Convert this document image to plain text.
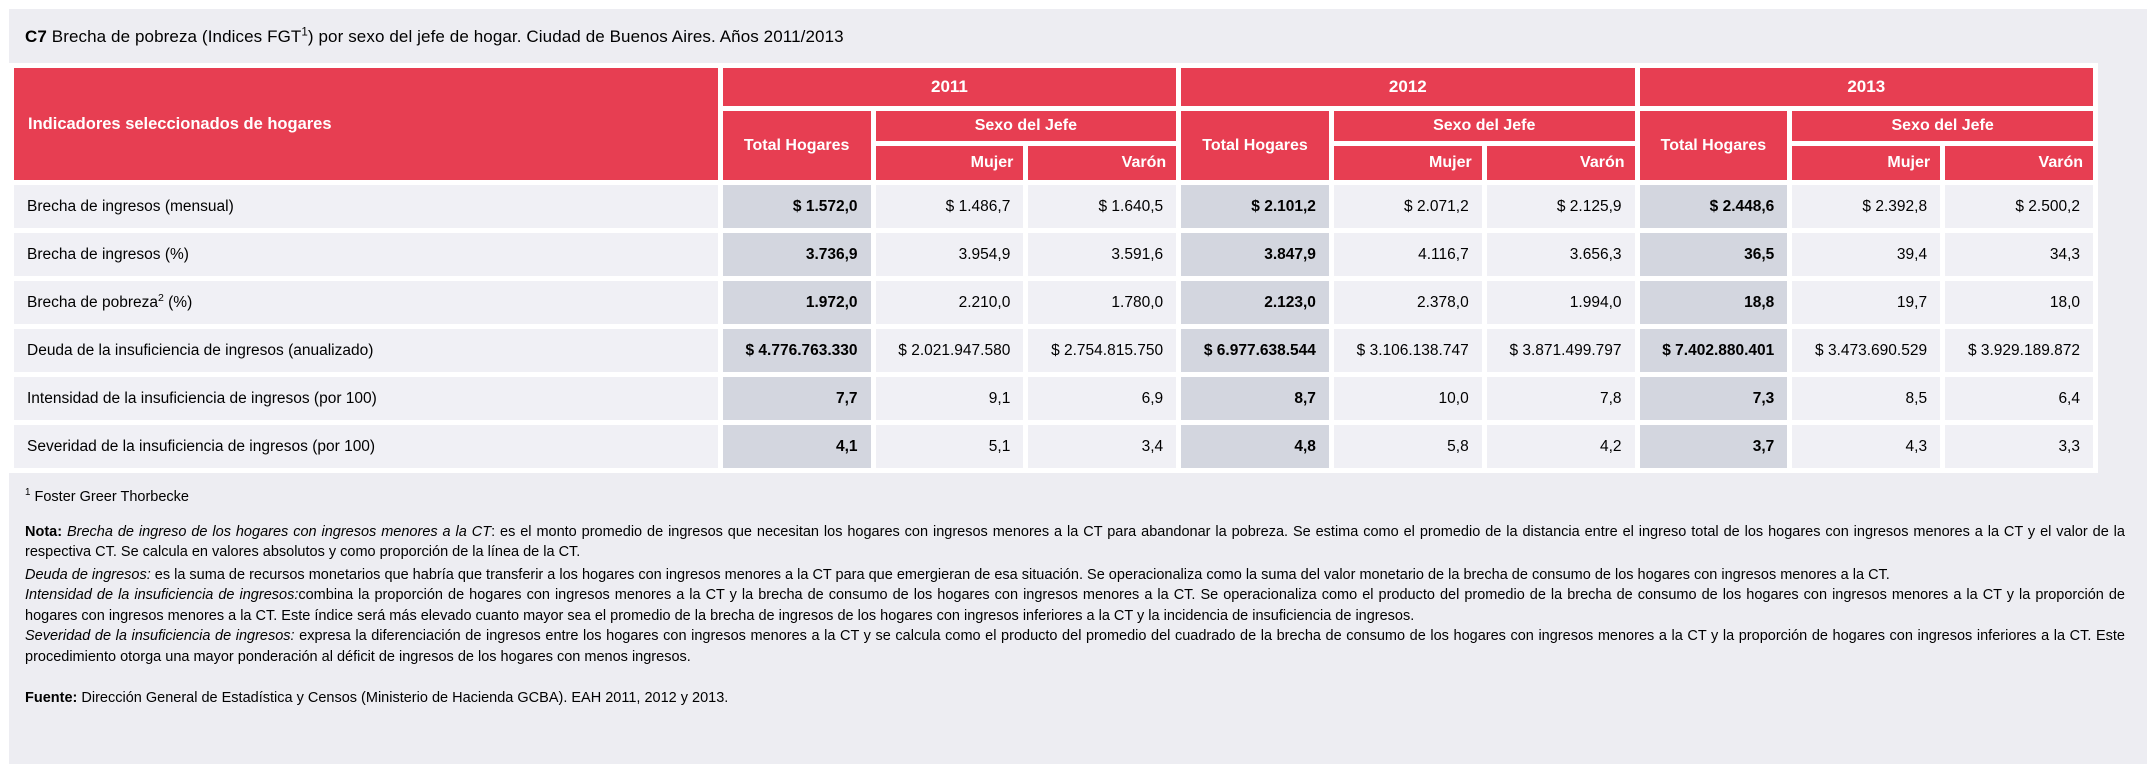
C7 Brecha de pobreza (Indices FGT$^1$) por sexo del jefe de hogar. Ciudad de Buenos Aires. Años 2011/2013
Indicadores seleccionados de hogares	2011			2012			2013		
	Total Hogares	Sexo del Jefe		Total Hogares	Sexo del Jefe		Total Hogares	Sexo del Jefe	
		Mujer	Varón		Mujer	Varón		Mujer	Varón
Brecha de ingresos (mensual)	$ 1.572,0	$ 1.486,7	$ 1.640,5	$ 2.101,2	$ 2.071,2	$ 2.125,9	$ 2.448,6	$ 2.392,8	$ 2.500,2
Brecha de ingresos (%)	3.736,9	3.954,9	3.591,6	3.847,9	4.116,7	3.656,3	36,5	39,4	34,3
Brecha de pobreza$^2$ (%)	1.972,0	2.210,0	1.780,0	2.123,0	2.378,0	1.994,0	18,8	19,7	18,0
Deuda de la insuficiencia de ingresos (anualizado)	$ 4.776.763.330	$ 2.021.947.580	$ 2.754.815.750	$ 6.977.638.544	$ 3.106.138.747	$ 3.871.499.797	$ 7.402.880.401	$ 3.473.690.529	$ 3.929.189.872
Intensidad de la insuficiencia de ingresos (por 100)	7,7	9,1	6,9	8,7	10,0	7,8	7,3	8,5	6,4
Severidad de la insuficiencia de ingresos (por 100)	4,1	5,1	3,4	4,8	5,8	4,2	3,7	4,3	3,3
$^1$ Foster Greer Thorbecke

Nota: Brecha de ingreso de los hogares con ingresos menores a la CT: es el monto promedio de ingresos que necesitan los hogares con ingresos menores a la CT para abandonar la pobreza. Se estima como el promedio de la distancia entre el ingreso total de los hogares con ingresos menores a la CT y el valor de la respectiva CT. Se calcula en valores absolutos y como proporción de la línea de la CT.

Deuda de ingresos: es la suma de recursos monetarios que habría que transferir a los hogares con ingresos menores a la CT para que emergieran de esa situación. Se operacionaliza como la suma del valor monetario de la brecha de consumo de los hogares con ingresos menores a la CT.

Intensidad de la insuficiencia de ingresos:combina la proporción de hogares con ingresos menores a la CT y la brecha de consumo de los hogares con ingresos menores a la CT. Se operacionaliza como el producto del promedio de la brecha de consumo de los hogares con ingresos menores a la CT y la proporción de hogares con ingresos menores a la CT. Este índice será más elevado cuanto mayor sea el promedio de la brecha de ingresos de los hogares con ingresos inferiores a la CT y la incidencia de insuficiencia de ingresos.

Severidad de la insuficiencia de ingresos: expresa la diferenciación de ingresos entre los hogares con ingresos menores a la CT y se calcula como el producto del promedio del cuadrado de la brecha de consumo de los hogares con ingresos menores a la CT y la proporción de hogares con ingresos inferiores a la CT. Este procedimiento otorga una mayor ponderación al déficit de ingresos de los hogares con menos ingresos.

Fuente: Dirección General de Estadística y Censos (Ministerio de Hacienda GCBA). EAH 2011, 2012 y 2013.
